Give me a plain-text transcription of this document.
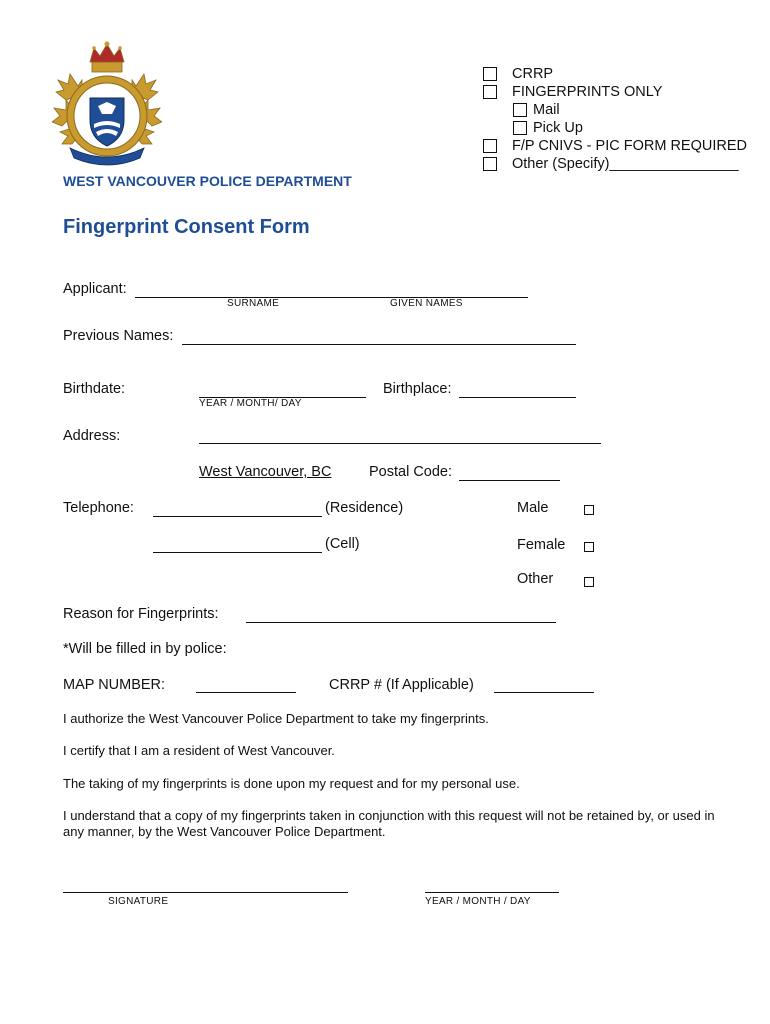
CRRP
FINGERPRINTS ONLY
Mail
Pick Up
F/P CNIVS - PIC FORM REQUIRED
Other (Specify)________________
WEST VANCOUVER POLICE DEPARTMENT
Fingerprint Consent Form
Applicant:
SURNAME	GIVEN NAMES
Previous Names:
Birthdate:
YEAR / MONTH/ DAY
Birthplace:
Address:
West Vancouver, BC	Postal Code:
Telephone:	(Residence)
(Cell)
Male
Female
Other
Reason for Fingerprints:
*Will be filled in by police:
MAP NUMBER:	CRRP # (If Applicable)
I authorize the West Vancouver Police Department to take my fingerprints.
I certify that I am a resident of West Vancouver.
The taking of my fingerprints is done upon my request and for my personal use.
I understand that a copy of my fingerprints taken in conjunction with this request will not be retained by, or used in any manner, by the West Vancouver Police Department.
SIGNATURE	YEAR / MONTH / DAY
